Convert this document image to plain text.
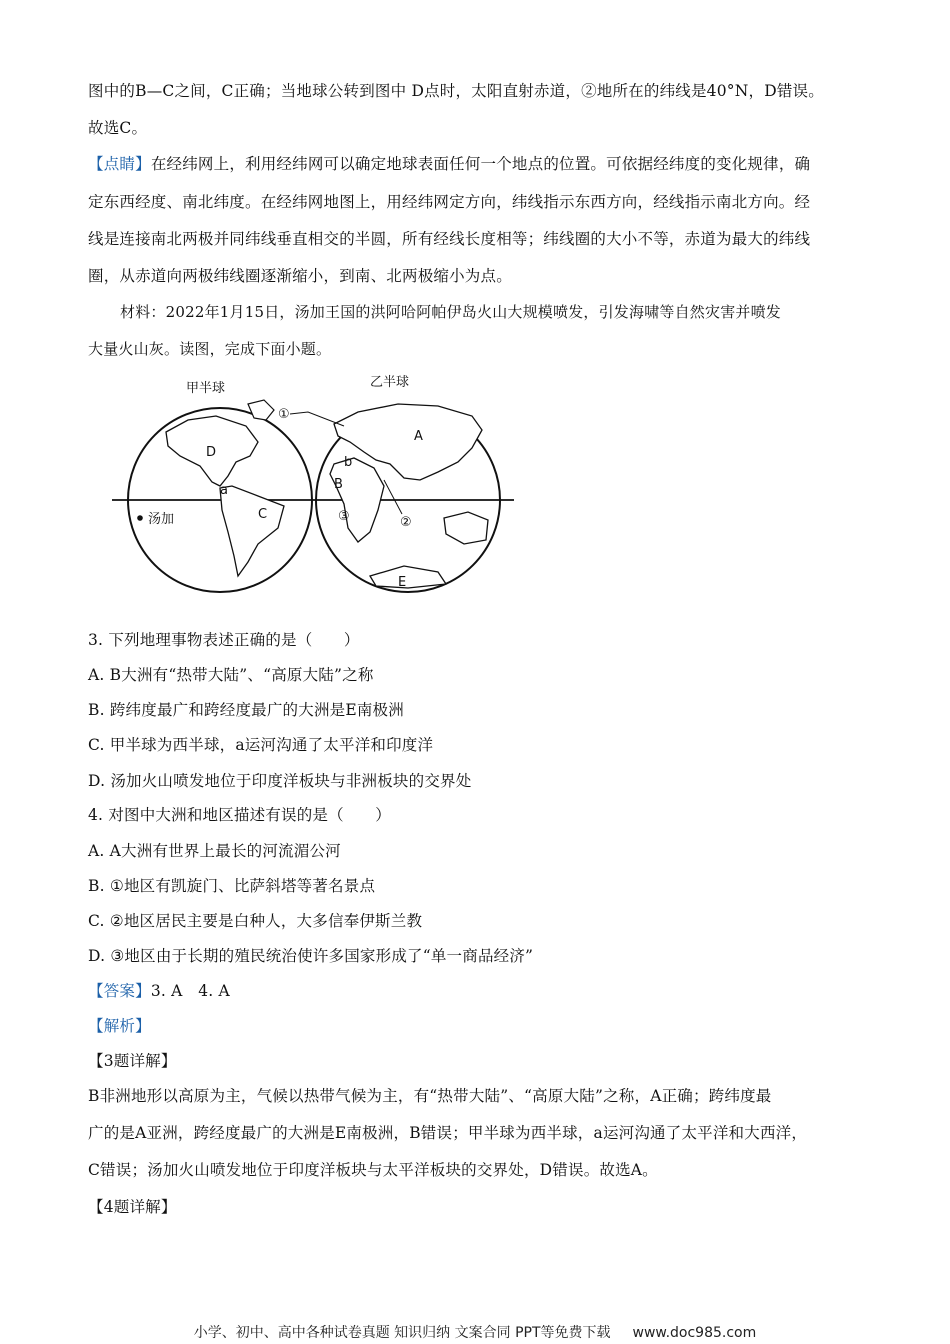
图中的B—C之间，C正确；当地球公转到图中 D点时，太阳直射赤道，②地所在的纬线是40°N，D错误。
故选C。
【点睛】在经纬网上，利用经纬网可以确定地球表面任何一个地点的位置。可依据经纬度的变化规律，确
定东西经度、南北纬度。在经纬网地图上，用经纬网定方向，纬线指示东西方向，经线指示南北方向。经
线是连接南北两极并同纬线垂直相交的半圆，所有经线长度相等；纬线圈的大小不等，赤道为最大的纬线
圈，从赤道向两极纬线圈逐渐缩小，到南、北两极缩小为点。
材料：2022年1月15日，汤加王国的洪阿哈阿帕伊岛火山大规模喷发，引发海啸等自然灾害并喷发
大量火山灰。读图，完成下面小题。
甲半球	乙半球
汤加
D
a
C
A
b
B
E
①
②
③
3. 下列地理事物表述正确的是（　　）
A. B大洲有“热带大陆”、“高原大陆”之称
B. 跨纬度最广和跨经度最广的大洲是E南极洲
C. 甲半球为西半球，a运河沟通了太平洋和印度洋
D. 汤加火山喷发地位于印度洋板块与非洲板块的交界处
4. 对图中大洲和地区描述有误的是（　　）
A. A大洲有世界上最长的河流湄公河
B. ①地区有凯旋门、比萨斜塔等著名景点
C. ②地区居民主要是白种人，大多信奉伊斯兰教
D. ③地区由于长期的殖民统治使许多国家形成了“单一商品经济”
【答案】3. A　4. A
【解析】
【3题详解】
B非洲地形以高原为主，气候以热带气候为主，有“热带大陆”、“高原大陆”之称，A正确；跨纬度最
广的是A亚洲，跨经度最广的大洲是E南极洲，B错误；甲半球为西半球，a运河沟通了太平洋和大西洋，
C错误；汤加火山喷发地位于印度洋板块与太平洋板块的交界处，D错误。故选A。
【4题详解】
小学、初中、高中各种试卷真题 知识归纳 文案合同 PPT等免费下载 www.doc985.com
